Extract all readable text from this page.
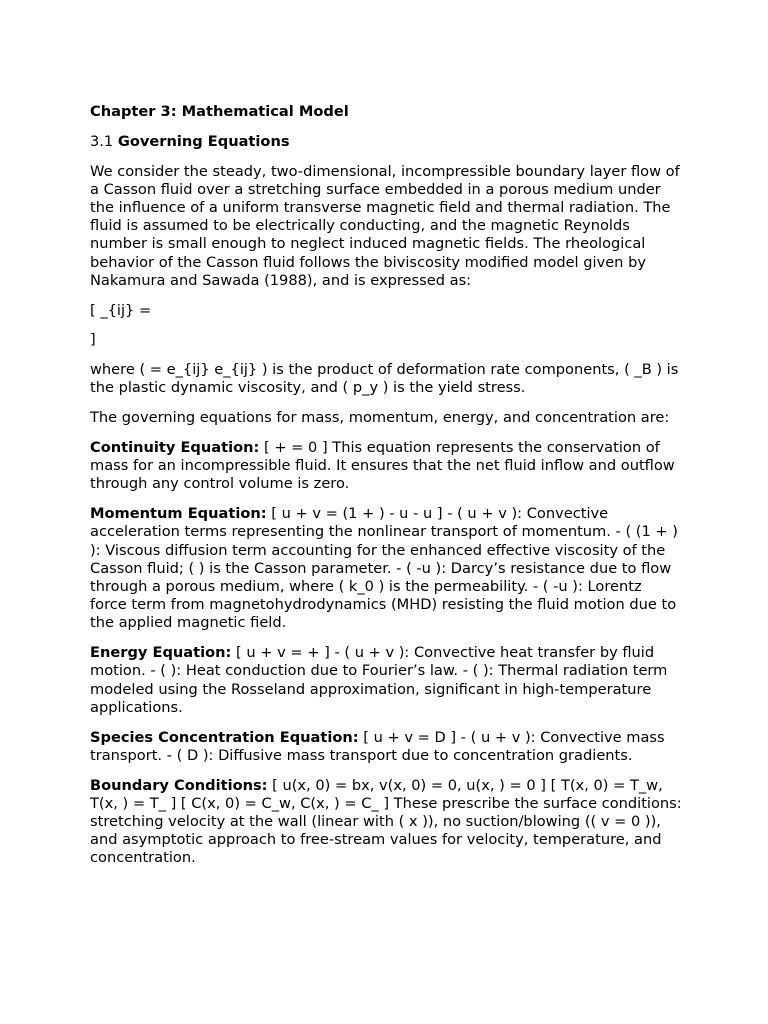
Chapter 3: Mathematical Model
3.1 Governing Equations

We consider the steady, two-dimensional, incompressible boundary layer flow of a Casson fluid over a stretching surface embedded in a porous medium under the influence of a uniform transverse magnetic field and thermal radiation. The fluid is assumed to be electrically conducting, and the magnetic Reynolds number is small enough to neglect induced magnetic fields. The rheological behavior of the Casson fluid follows the biviscosity modified model given by Nakamura and Sawada (1988), and is expressed as:

[ _{ij} =

]

where ( = e_{ij} e_{ij} ) is the product of deformation rate components, ( _B ) is the plastic dynamic viscosity, and ( p_y ) is the yield stress.

The governing equations for mass, momentum, energy, and concentration are:

Continuity Equation: [ + = 0 ] This equation represents the conservation of mass for an incompressible fluid. It ensures that the net fluid inflow and outflow through any control volume is zero.

Momentum Equation: [ u + v = (1 + ) - u - u ] - ( u + v ): Convective acceleration terms representing the nonlinear transport of momentum. - ( (1 + ) ): Viscous diffusion term accounting for the enhanced effective viscosity of the Casson fluid; ( ) is the Casson parameter. - ( -u ): Darcy’s resistance due to flow through a porous medium, where ( k_0 ) is the permeability. - ( -u ): Lorentz force term from magnetohydrodynamics (MHD) resisting the fluid motion due to the applied magnetic field.

Energy Equation: [ u + v = + ] - ( u + v ): Convective heat transfer by fluid motion. - ( ): Heat conduction due to Fourier’s law. - ( ): Thermal radiation term modeled using the Rosseland approximation, significant in high-temperature applications.

Species Concentration Equation: [ u + v = D ] - ( u + v ): Convective mass transport. - ( D ): Diffusive mass transport due to concentration gradients.

Boundary Conditions: [ u(x, 0) = bx, v(x, 0) = 0, u(x, ) = 0 ] [ T(x, 0) = T_w, T(x, ) = T_ ] [ C(x, 0) = C_w, C(x, ) = C_ ] These prescribe the surface conditions: stretching velocity at the wall (linear with ( x )), no suction/blowing (( v = 0 )), and asymptotic approach to free-stream values for velocity, temperature, and concentration.
